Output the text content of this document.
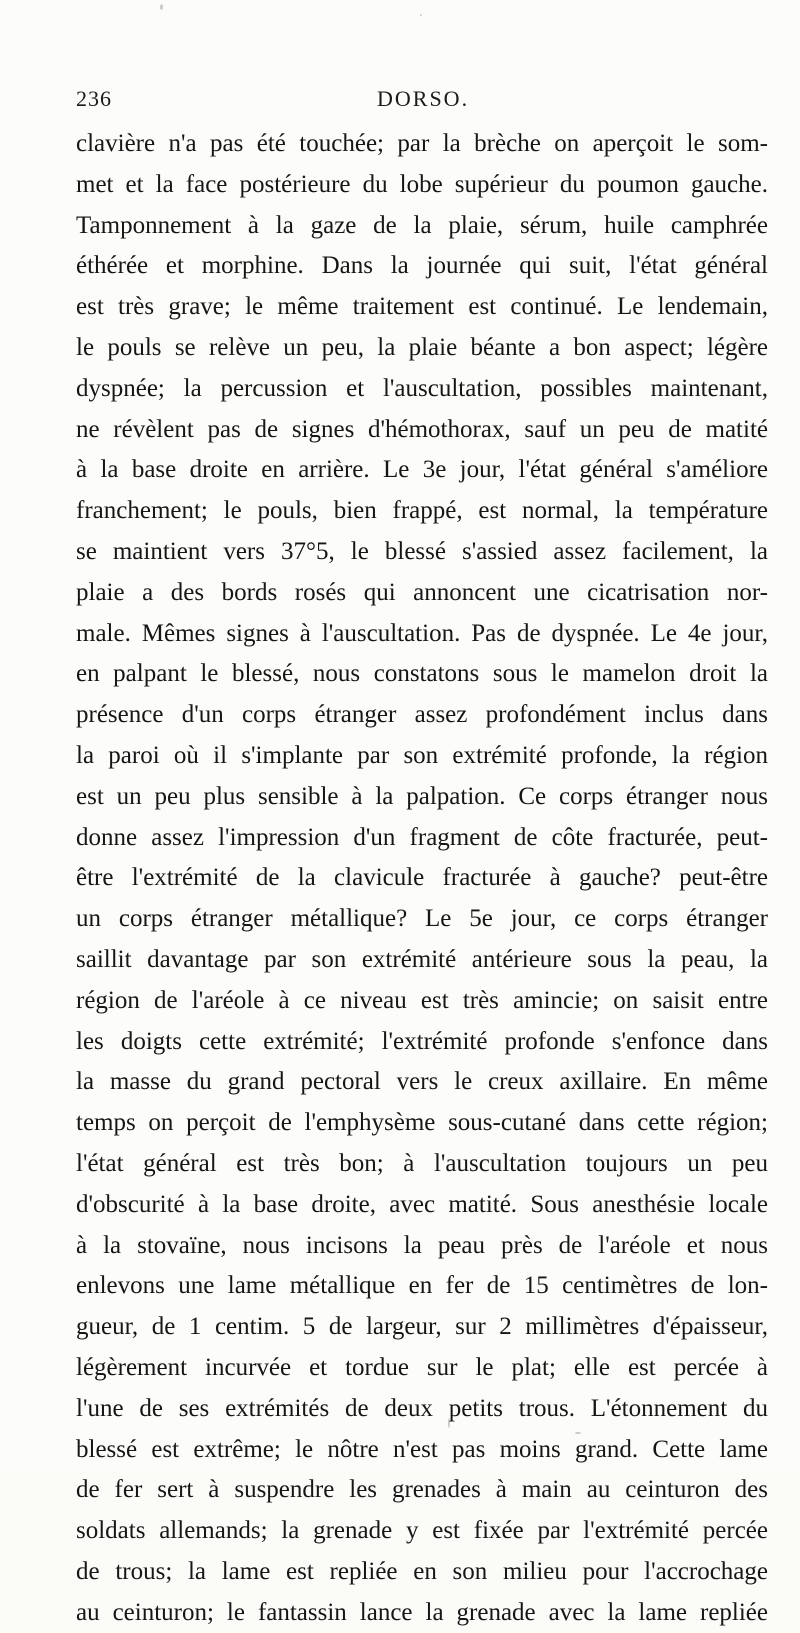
236	DORSO.
clavière n'a pas été touchée; par la brèche on aperçoit le som-
met et la face postérieure du lobe supérieur du poumon gauche.
Tamponnement à la gaze de la plaie, sérum, huile camphrée
éthérée et morphine. Dans la journée qui suit, l'état général
est très grave; le même traitement est continué. Le lendemain,
le pouls se relève un peu, la plaie béante a bon aspect; légère
dyspnée; la percussion et l'auscultation, possibles maintenant,
ne révèlent pas de signes d'hémothorax, sauf un peu de matité
à la base droite en arrière. Le 3e jour, l'état général s'améliore
franchement; le pouls, bien frappé, est normal, la température
se maintient vers 37°5, le blessé s'assied assez facilement, la
plaie a des bords rosés qui annoncent une cicatrisation nor-
male. Mêmes signes à l'auscultation. Pas de dyspnée. Le 4e jour,
en palpant le blessé, nous constatons sous le mamelon droit la
présence d'un corps étranger assez profondément inclus dans
la paroi où il s'implante par son extrémité profonde, la région
est un peu plus sensible à la palpation. Ce corps étranger nous
donne assez l'impression d'un fragment de côte fracturée, peut-
être l'extrémité de la clavicule fracturée à gauche? peut-être
un corps étranger métallique? Le 5e jour, ce corps étranger
saillit davantage par son extrémité antérieure sous la peau, la
région de l'aréole à ce niveau est très amincie; on saisit entre
les doigts cette extrémité; l'extrémité profonde s'enfonce dans
la masse du grand pectoral vers le creux axillaire. En même
temps on perçoit de l'emphysème sous-cutané dans cette région;
l'état général est très bon; à l'auscultation toujours un peu
d'obscurité à la base droite, avec matité. Sous anesthésie locale
à la stovaïne, nous incisons la peau près de l'aréole et nous
enlevons une lame métallique en fer de 15 centimètres de lon-
gueur, de 1 centim. 5 de largeur, sur 2 millimètres d'épaisseur,
légèrement incurvée et tordue sur le plat; elle est percée à
l'une de ses extrémités de deux petits trous. L'étonnement du
blessé est extrême; le nôtre n'est pas moins grand. Cette lame
de fer sert à suspendre les grenades à main au ceinturon des
soldats allemands; la grenade y est fixée par l'extrémité percée
de trous; la lame est repliée en son milieu pour l'accrochage
au ceinturon; le fantassin lance la grenade avec la lame repliée
